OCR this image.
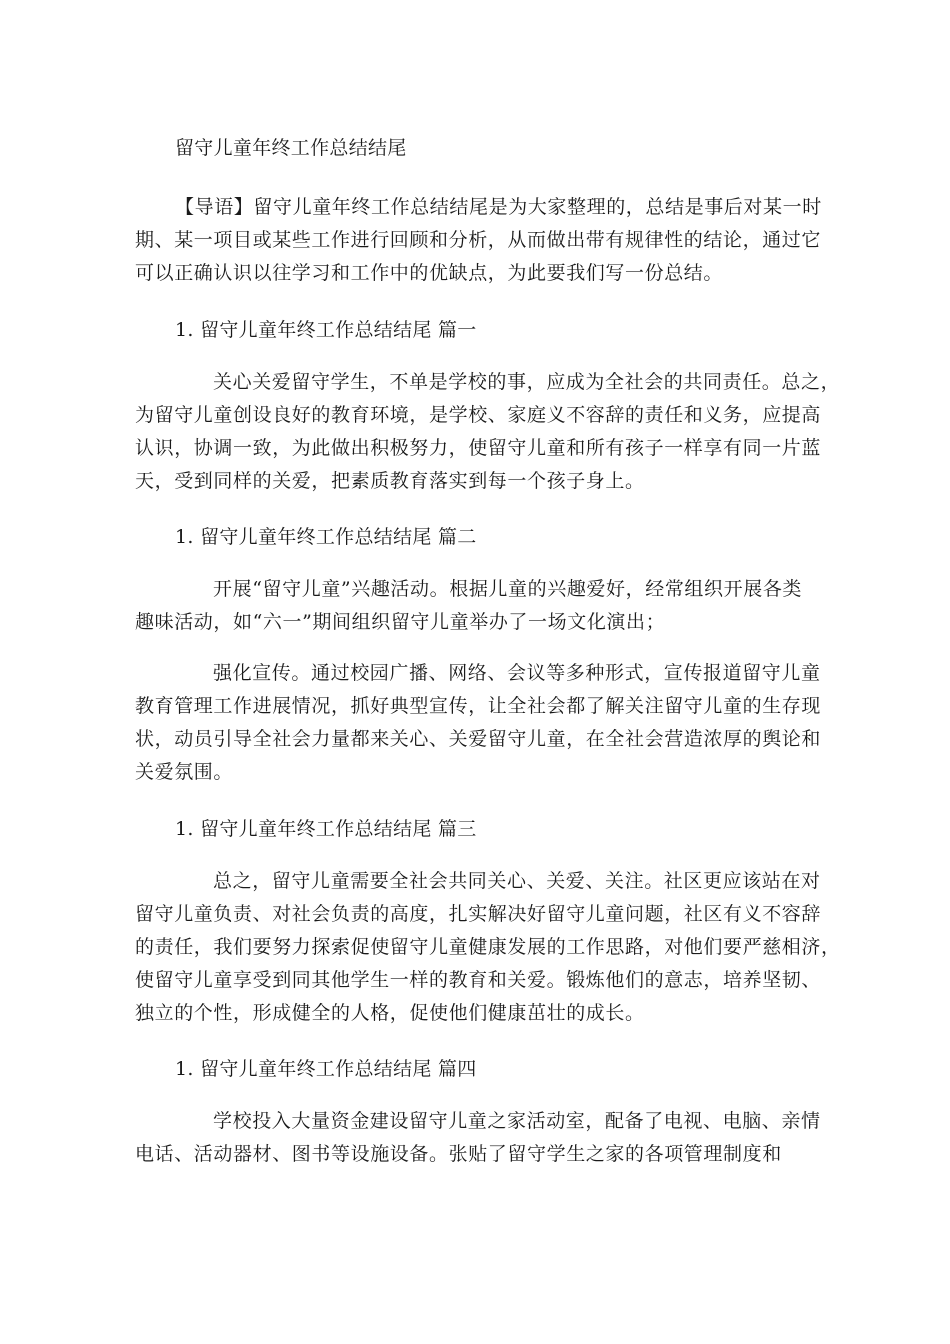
留守儿童年终工作总结结尾
【导语】留守儿童年终工作总结结尾是为大家整理的，总结是事后对某一时
期、某一项目或某些工作进行回顾和分析，从而做出带有规律性的结论，通过它
可以正确认识以往学习和工作中的优缺点，为此要我们写一份总结。
1. 留守儿童年终工作总结结尾 篇一
关心关爱留守学生，不单是学校的事，应成为全社会的共同责任。总之，
为留守儿童创设良好的教育环境，是学校、家庭义不容辞的责任和义务，应提高
认识，协调一致，为此做出积极努力，使留守儿童和所有孩子一样享有同一片蓝
天，受到同样的关爱，把素质教育落实到每一个孩子身上。
1. 留守儿童年终工作总结结尾 篇二
开展“留守儿童”兴趣活动。根据儿童的兴趣爱好，经常组织开展各类
趣味活动，如“六一”期间组织留守儿童举办了一场文化演出；
强化宣传。通过校园广播、网络、会议等多种形式，宣传报道留守儿童
教育管理工作进展情况，抓好典型宣传，让全社会都了解关注留守儿童的生存现
状，动员引导全社会力量都来关心、关爱留守儿童，在全社会营造浓厚的舆论和
关爱氛围。
1. 留守儿童年终工作总结结尾 篇三
总之，留守儿童需要全社会共同关心、关爱、关注。社区更应该站在对
留守儿童负责、对社会负责的高度，扎实解决好留守儿童问题，社区有义不容辞
的责任，我们要努力探索促使留守儿童健康发展的工作思路，对他们要严慈相济，
使留守儿童享受到同其他学生一样的教育和关爱。锻炼他们的意志，培养坚韧、
独立的个性，形成健全的人格，促使他们健康茁壮的成长。
1. 留守儿童年终工作总结结尾 篇四
学校投入大量资金建设留守儿童之家活动室，配备了电视、电脑、亲情
电话、活动器材、图书等设施设备。张贴了留守学生之家的各项管理制度和
